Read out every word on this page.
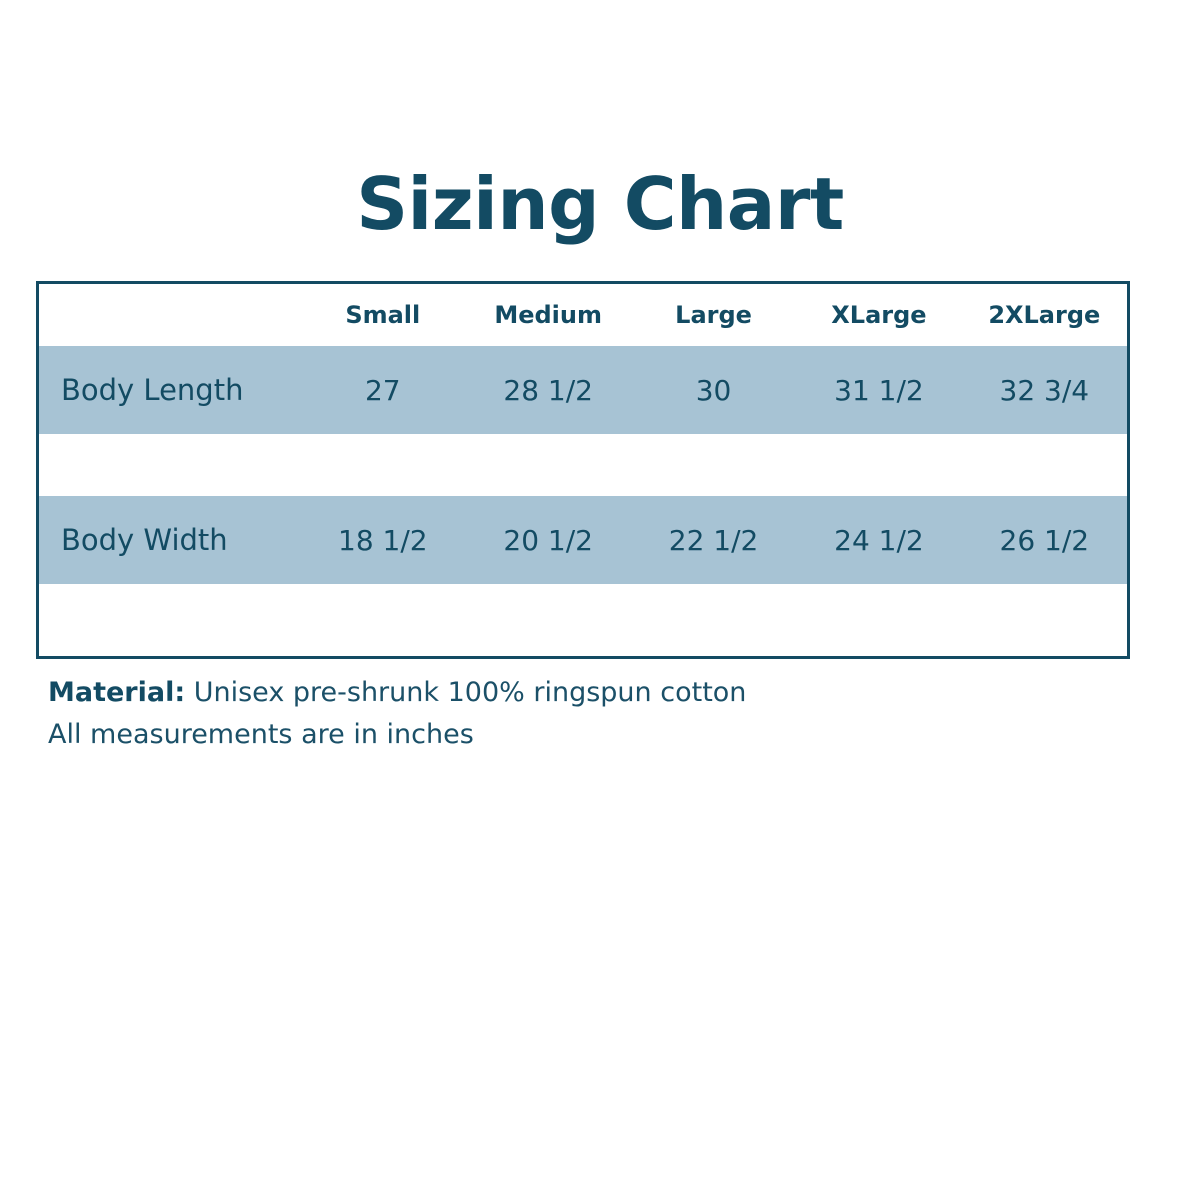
Sizing Chart
	Small	Medium	Large	XLarge	2XLarge
Body Length	27	28 1/2	30	31 1/2	32 3/4

Body Width	18 1/2	20 1/2	22 1/2	24 1/2	26 1/2

Material: Unisex pre-shrunk 100% ringspun cotton
All measurements are in inches
